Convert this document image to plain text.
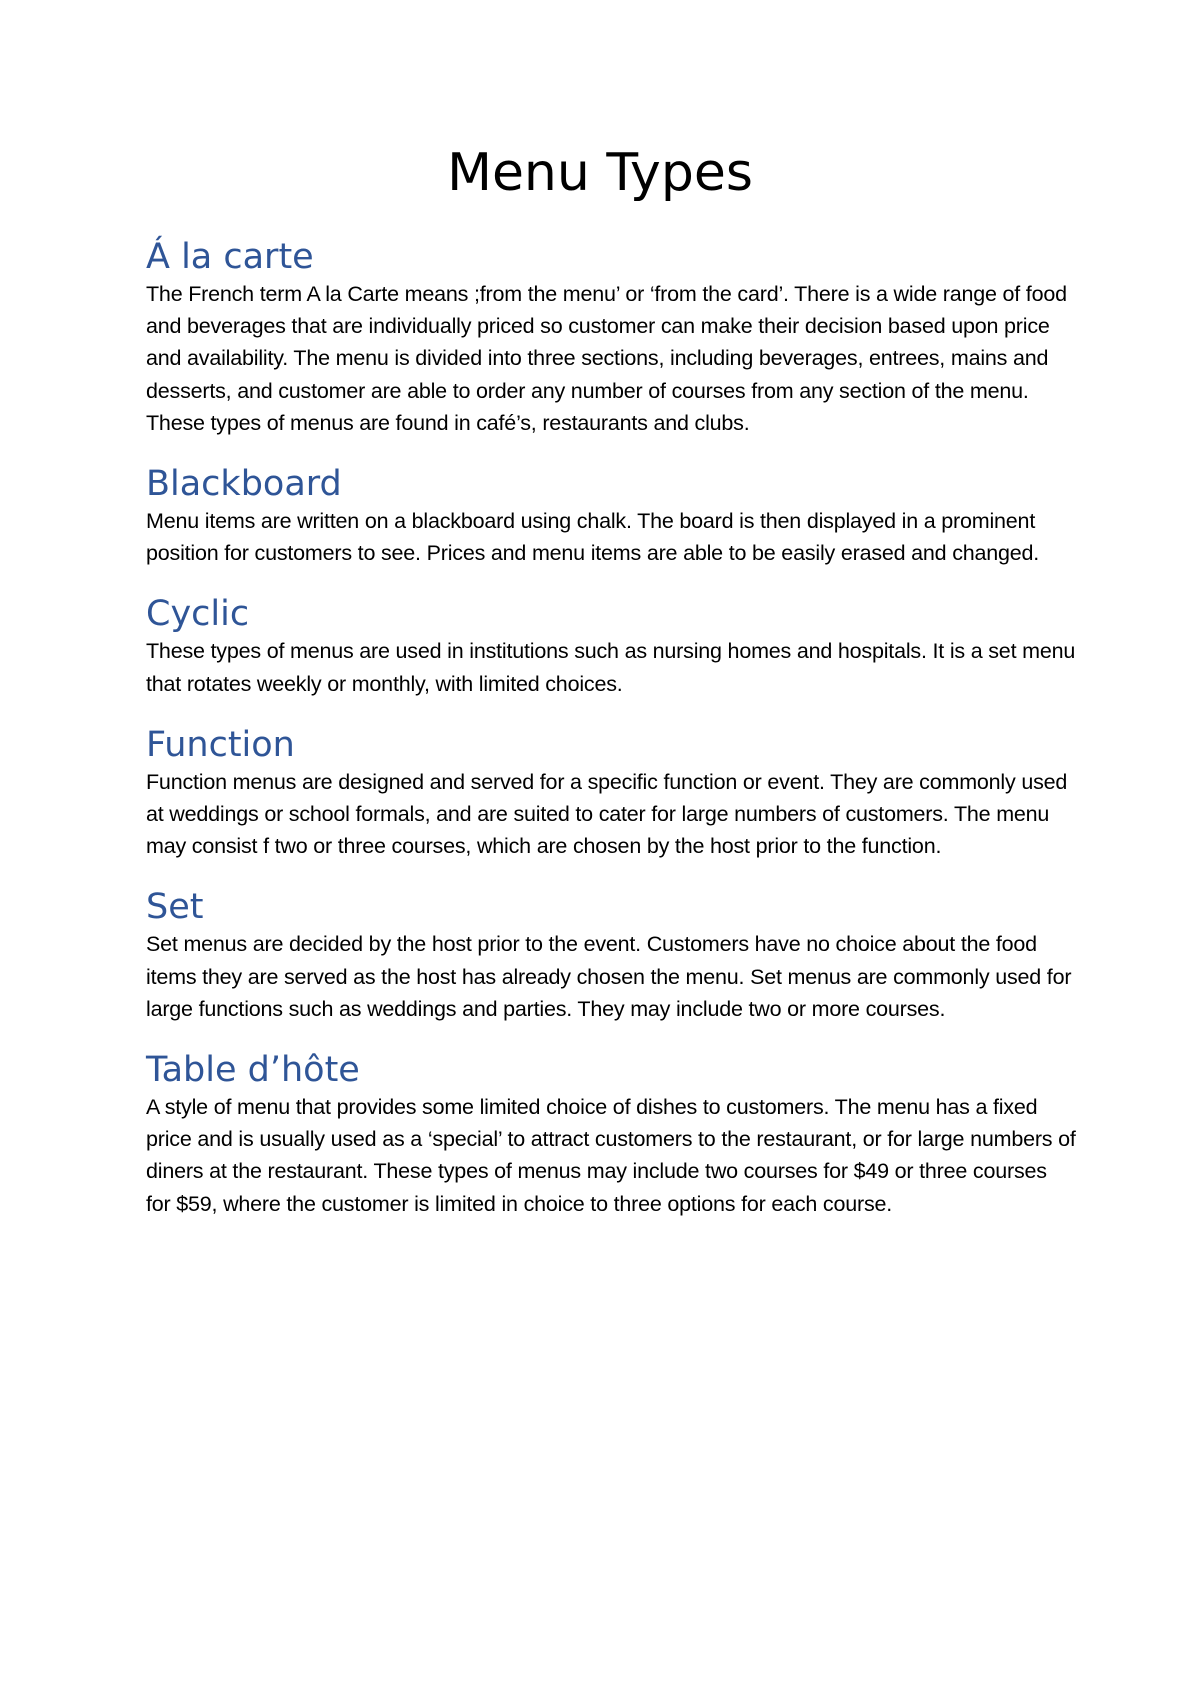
Menu Types
Á la carte

The French term A la Carte means ;from the menu’ or ‘from the card’. There is a wide range of food and beverages that are individually priced so customer can make their decision based upon price and availability. The menu is divided into three sections, including beverages, entrees, mains and desserts, and customer are able to order any number of courses from any section of the menu. These types of menus are found in café’s, restaurants and clubs.

Blackboard

Menu items are written on a blackboard using chalk. The board is then displayed in a prominent position for customers to see. Prices and menu items are able to be easily erased and changed.

Cyclic

These types of menus are used in institutions such as nursing homes and hospitals. It is a set menu that rotates weekly or monthly, with limited choices.

Function

Function menus are designed and served for a specific function or event. They are commonly used at weddings or school formals, and are suited to cater for large numbers of customers. The menu may consist f two or three courses, which are chosen by the host prior to the function.

Set

Set menus are decided by the host prior to the event. Customers have no choice about the food items they are served as the host has already chosen the menu. Set menus are commonly used for large functions such as weddings and parties. They may include two or more courses.

Table d’hôte

A style of menu that provides some limited choice of dishes to customers. The menu has a fixed price and is usually used as a ‘special’ to attract customers to the restaurant, or for large numbers of diners at the restaurant. These types of menus may include two courses for $49 or three courses for $59, where the customer is limited in choice to three options for each course.
